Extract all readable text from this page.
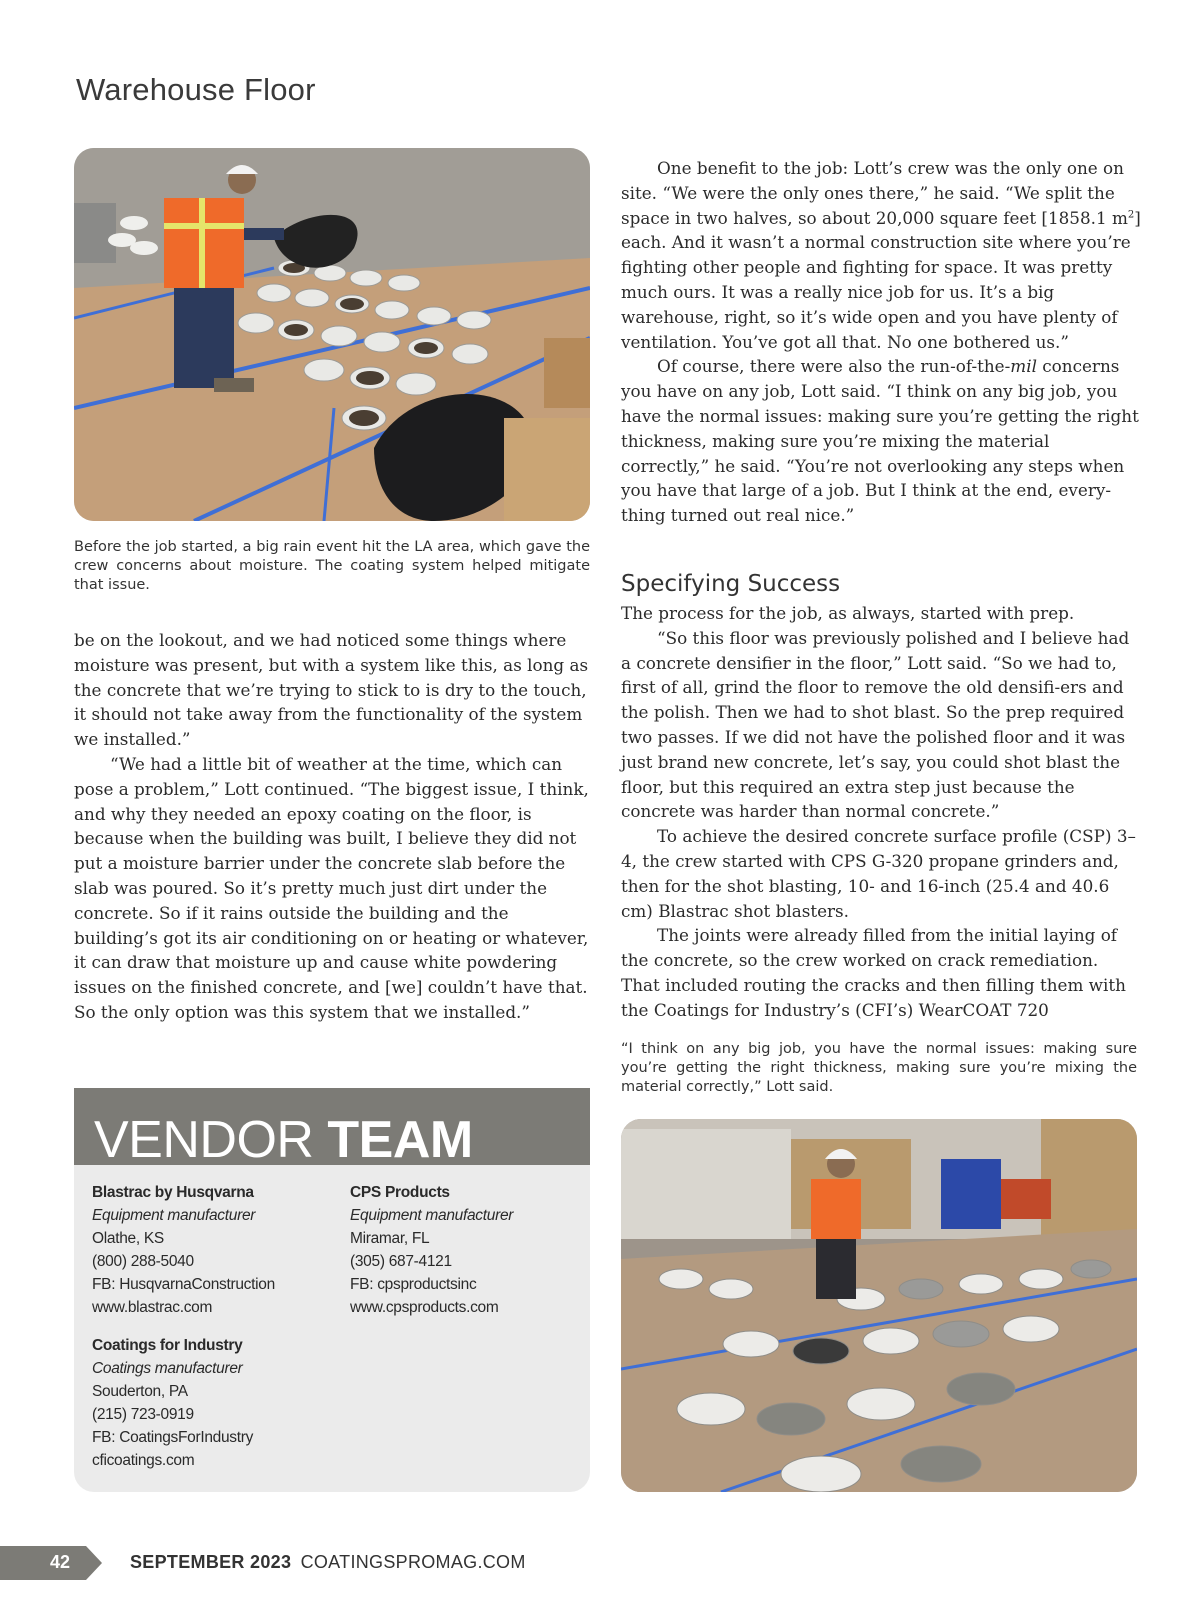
Warehouse Floor

Before the job started, a big rain event hit the LA area, which gave the crew concerns about moisture. The coating system helped mitigate that issue.

be on the lookout, and we had noticed some things where moisture was present, but with a system like this, as long as the concrete that we’re trying to stick to is dry to the touch, it should not take away from the functionality of the system we installed.”

“We had a little bit of weather at the time, which can pose a problem,” Lott continued. “The biggest issue, I think, and why they needed an epoxy coating on the floor, is because when the building was built, I believe they did not put a moisture barrier under the concrete slab before the slab was poured. So it’s pretty much just dirt under the concrete. So if it rains outside the building and the building’s got its air conditioning on or heating or whatever, it can draw that moisture up and cause white powdering issues on the finished concrete, and [we] couldn’t have that. So the only option was this system that we installed.”

One benefit to the job: Lott’s crew was the only one on site. “We were the only ones there,” he said. “We split the space in two halves, so about 20,000 square feet [1858.1 $m^2$] each. And it wasn’t a normal construction site where you’re fighting other people and fighting for space. It was pretty much ours. It was a really nice job for us. It’s a big warehouse, right, so it’s wide open and you have plenty of ventilation. You’ve got all that. No one bothered us.”

Of course, there were also the run-of-the-mil concerns you have on any job, Lott said. “I think on any big job, you have the normal issues: making sure you’re getting the right thickness, making sure you’re mixing the material correctly,” he said. “You’re not overlooking any steps when you have that large of a job. But I think at the end, every-thing turned out real nice.”

Specifying Success

The process for the job, as always, started with prep.

“So this floor was previously polished and I believe had a concrete densifier in the floor,” Lott said. “So we had to, first of all, grind the floor to remove the old densifi-ers and the polish. Then we had to shot blast. So the prep required two passes. If we did not have the polished floor and it was just brand new concrete, let’s say, you could shot blast the floor, but this required an extra step just because the concrete was harder than normal concrete.”

To achieve the desired concrete surface profile (CSP) 3–4, the crew started with CPS G-320 propane grinders and, then for the shot blasting, 10- and 16-inch (25.4 and 40.6 cm) Blastrac shot blasters.

The joints were already filled from the initial laying of the concrete, so the crew worked on crack remediation. That included routing the cracks and then filling them with the Coatings for Industry’s (CFI’s) WearCOAT 720

“I think on any big job, you have the normal issues: making sure you’re getting the right thickness, making sure you’re mixing the material correctly,” Lott said.

VENDOR TEAM
Blastrac by Husqvarna
Equipment manufacturer
Olathe, KS
(800) 288-5040
FB: HusqvarnaConstruction
www.blastrac.com
CPS Products
Equipment manufacturer
Miramar, FL
(305) 687-4121
FB: cpsproductsinc
www.cpsproducts.com
Coatings for Industry
Coatings manufacturer
Souderton, PA
(215) 723-0919
FB: CoatingsForIndustry
cficoatings.com
42	SEPTEMBER 2023 COATINGSPROMAG.COM
